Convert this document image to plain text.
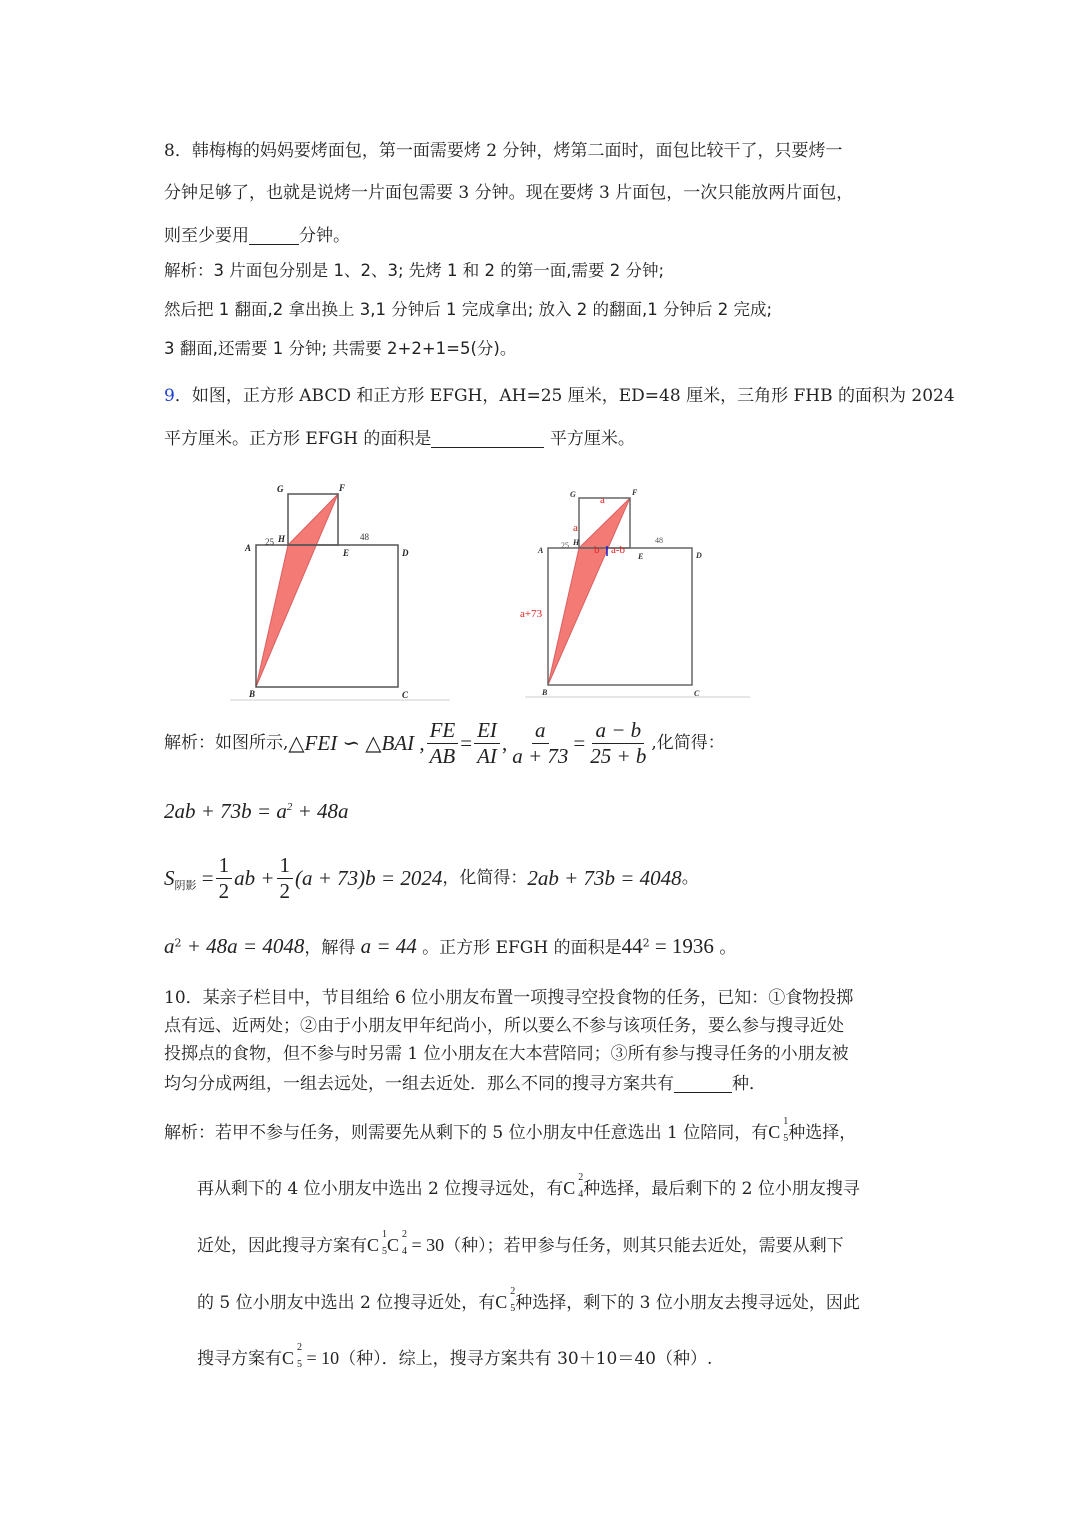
8．韩梅梅的妈妈要烤面包，第一面需要烤 2 分钟，烤第二面时，面包比较干了，只要烤一
分钟足够了，也就是说烤一片面包需要 3 分钟。现在要烤 3 片面包，一次只能放两片面包，
则至少要用	分钟。
解析：3 片面包分别是 1、2、3; 先烤 1 和 2 的第一面,需要 2 分钟;
然后把 1 翻面,2 拿出换上 3,1 分钟后 1 完成拿出; 放入 2 的翻面,1 分钟后 2 完成;
3 翻面,还需要 1 分钟; 共需要 2+2+1=5(分)。
9．如图，正方形 ABCD 和正方形 EFGH，AH=25 厘米，ED=48 厘米，三角形 FHB 的面积为 2024
平方厘米。正方形 EFGH 的面积是	平方厘米。
G	F
H
A	E	D
B	C
25	48
G	F
H
A
E	D
B	C
25
48
a
a
b a-b
a+73
解析：如图所示, △FEI ∽ △BAI , $\frac{FE}{AB} = \frac{EI}{AI}$ , $\frac{a}{a + 73} = \frac{a - b}{25 + b}$ ,化简得：
$2ab + 73b = a^2 + 48a$
$S_{阴影} = \frac{1}{2}$ ab + $\frac{1}{2} (a + 73)b = 2024$ ，化简得： 2ab + 73b = 4048 。
$a^2 + 48a = 4048$，解得 a = 44 。正方形 EFGH 的面积是$44^2 = 1936$ 。
10．某亲子栏目中，节目组给 6 位小朋友布置一项搜寻空投食物的任务，已知：①食物投掷
点有远、近两处；②由于小朋友甲年纪尚小，所以要么不参与该项任务，要么参与搜寻近处
投掷点的食物，但不参与时另需 1 位小朋友在大本营陪同；③所有参与搜寻任务的小朋友被
均匀分成两组，一组去远处，一组去近处．那么不同的搜寻方案共有	种．
解析：若甲不参与任务，则需要先从剩下的 5 位小朋友中任意选出 1 位陪同，有C
1
5 种选择，
再从剩下的 4 位小朋友中选出 2 位搜寻远处，有C
2
4 种选择，最后剩下的 2 位小朋友搜寻
近处，因此搜寻方案有C
1
5 C
2
4 = 30（种）；若甲参与任务，则其只能去近处，需要从剩下
的 5 位小朋友中选出 2 位搜寻近处，有C
2
5 种选择，剩下的 3 位小朋友去搜寻远处，因此
搜寻方案有C
2
5 = 10（种）．综上，搜寻方案共有 30＋10＝40（种）.
